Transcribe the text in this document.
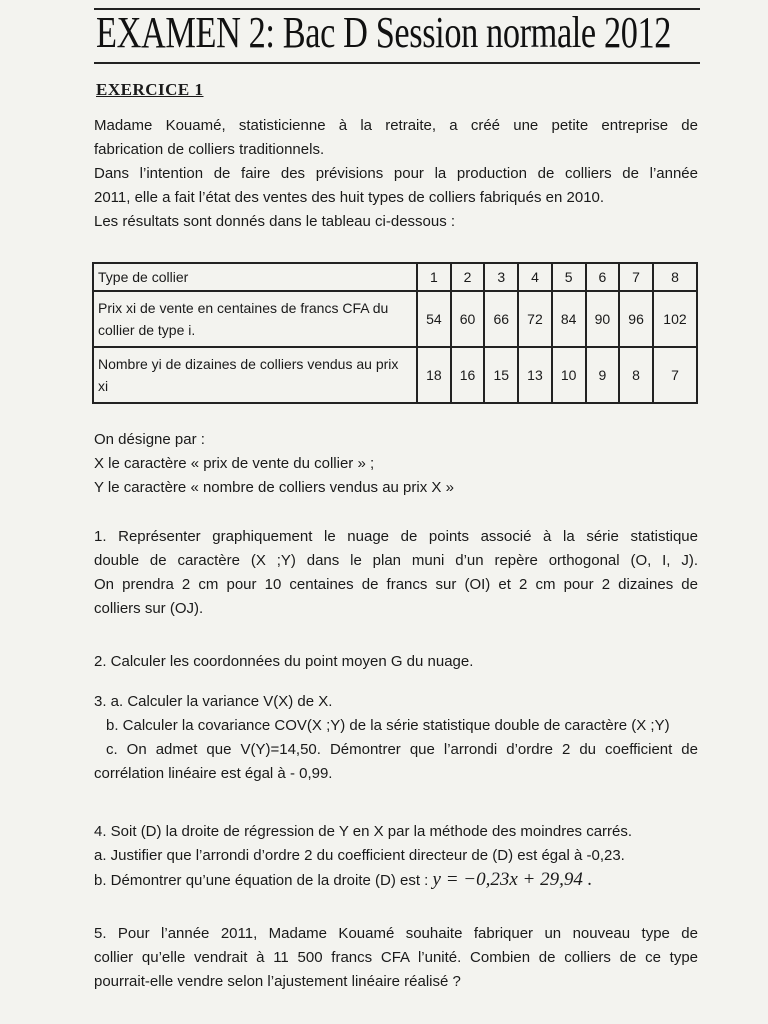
EXAMEN 2: Bac D Session normale 2012
EXERCICE 1
Madame Kouamé, statisticienne à la retraite, a créé une petite entreprise de
fabrication de colliers traditionnels.
Dans l’intention de faire des prévisions pour la production de colliers de l’année
2011, elle a fait l’état des ventes des huit types de colliers fabriqués en 2010.
Les résultats sont donnés dans le tableau ci-dessous :
Type de collier	1	2	3	4	5	6	7	8
Prix xi de vente en centaines de francs CFA du collier de type i.	54	60	66	72	84	90	96	102
Nombre yi de dizaines de colliers vendus au prix xi	18	16	15	13	10	9	8	7
On désigne par :
X le caractère « prix de vente du collier » ;
Y le caractère « nombre de colliers vendus au prix X »
1. Représenter graphiquement le nuage de points associé à la série statistique
double de caractère (X ;Y) dans le plan muni d’un repère orthogonal (O, I, J).
On prendra 2 cm pour 10 centaines de francs sur (OI) et 2 cm pour 2 dizaines de
colliers sur (OJ).
2. Calculer les coordonnées du point moyen G du nuage.
3. a. Calculer la variance V(X) de X.
b. Calculer la covariance COV(X ;Y) de la série statistique double de caractère (X ;Y)
c. On admet que V(Y)=14,50. Démontrer que l’arrondi d’ordre 2 du coefficient de
corrélation linéaire est égal à - 0,99.
4. Soit (D) la droite de régression de Y en X par la méthode des moindres carrés.
a. Justifier que l’arrondi d’ordre 2 du coefficient directeur de (D) est égal à -0,23.
b. Démontrer qu’une équation de la droite (D) est : y = −0,23x + 29,94 .
5. Pour l’année 2011, Madame Kouamé souhaite fabriquer un nouveau type de
collier qu’elle vendrait à 11 500 francs CFA l’unité. Combien de colliers de ce type
pourrait-elle vendre selon l’ajustement linéaire réalisé ?
